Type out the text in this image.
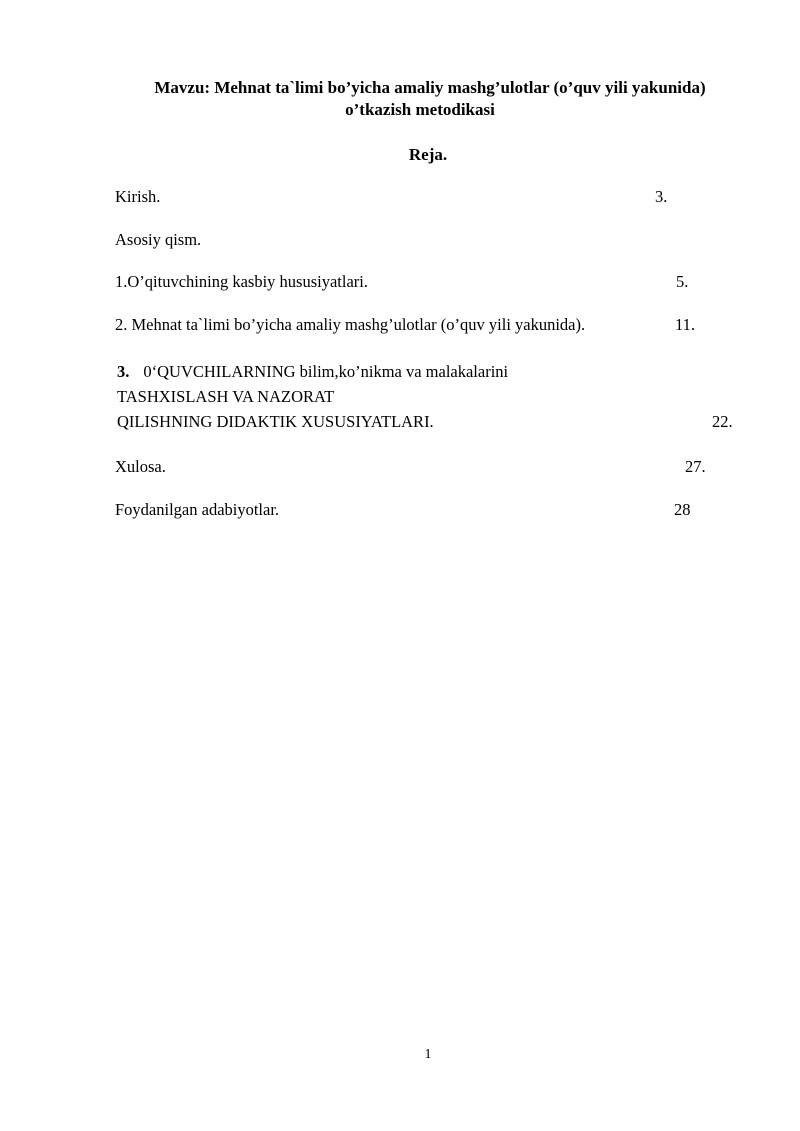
Mavzu: Mehnat ta`limi bo’yicha amaliy mashg’ulotlar (o’quv yili yakunida)
o’tkazish metodikasi
Reja.
Kirish.	3.
Asosiy qism.
1.O’qituvchining kasbiy hususiyatlari.	5.
2. Mehnat ta`limi bo’yicha amaliy mashg’ulotlar (o’quv yili yakunida).	11.
3. 0‘QUVCHILARNING bilim,ko’nikma va malakalarini
TASHXISLASH VA NAZORAT
QILISHNING DIDAKTIK XUSUSIYATLARI.	22.
Xulosa.	27.
Foydanilgan adabiyotlar.	28
1
